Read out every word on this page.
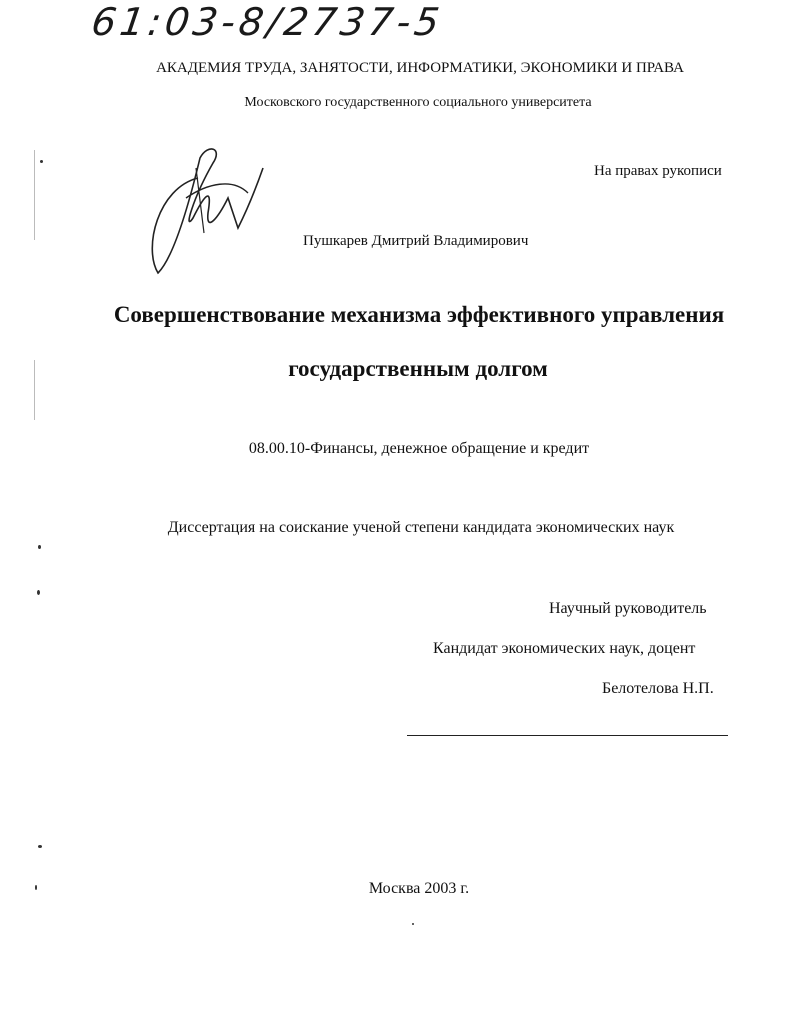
61:03-8/2737-5
АКАДЕМИЯ ТРУДА, ЗАНЯТОСТИ, ИНФОРМАТИКИ, ЭКОНОМИКИ И ПРАВА
Московского государственного социального университета
На правах рукописи
Пушкарев Дмитрий Владимирович
Совершенствование механизма эффективного управления
государственным долгом
08.00.10-Финансы, денежное обращение и кредит
Диссертация на соискание ученой степени кандидата экономических наук
Научный руководитель
Кандидат экономических наук, доцент
Белотелова Н.П.
Москва 2003 г.
